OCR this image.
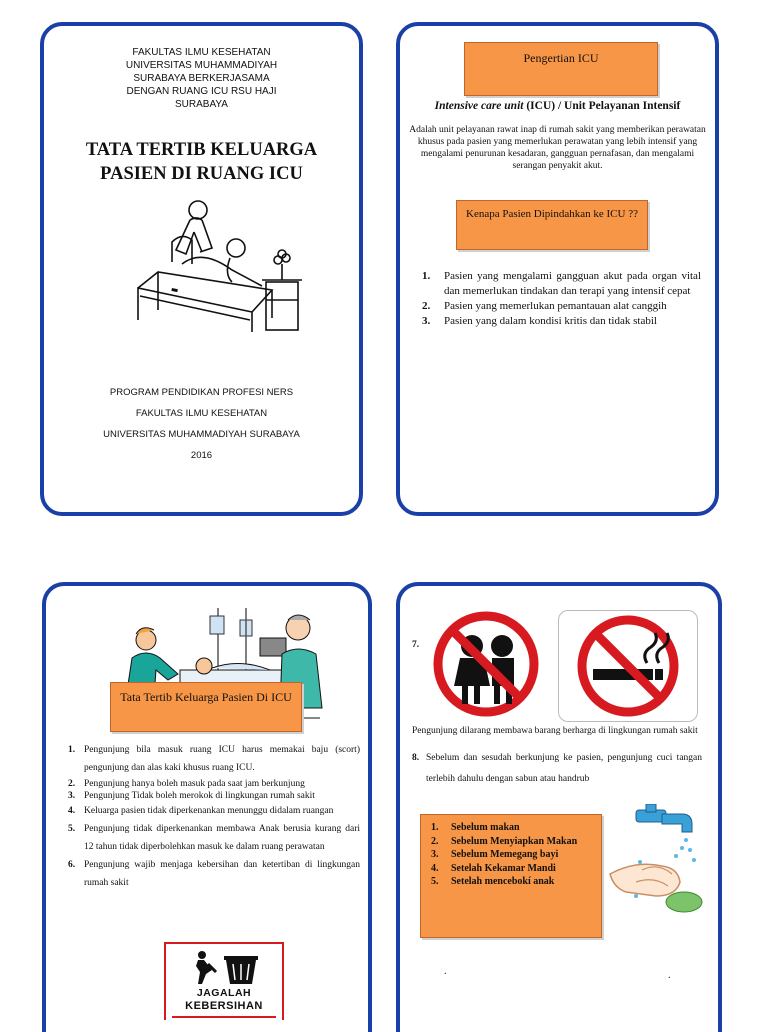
FAKULTAS ILMU KESEHATAN
UNIVERSITAS MUHAMMADIYAH
SURABAYA BERKERJASAMA
DENGAN RUANG ICU RSU HAJI
SURABAYA
TATA TERTIB KELUARGA
PASIEN DI RUANG ICU
PROGRAM PENDIDIKAN PROFESI NERS
FAKULTAS ILMU KESEHATAN
UNIVERSITAS MUHAMMADIYAH SURABAYA
2016
Pengertian ICU
Intensive care unit (ICU) / Unit Pelayanan Intensif
Adalah unit pelayanan rawat inap di rumah sakit yang memberikan perawatan khusus pada pasien yang memerlukan perawatan yang lebih intensif yang mengalami penurunan kesadaran, gangguan pernafasan, dan mengalami serangan penyakit akut.
Kenapa Pasien Dipindahkan ke ICU ??
1. Pasien yang mengalami gangguan akut pada organ vital dan memerlukan tindakan dan terapi yang intensif cepat
2. Pasien yang memerlukan pemantauan alat canggih
3. Pasien yang dalam kondisi kritis dan tidak stabil
Tata Tertib Keluarga Pasien Di ICU
1. Pengunjung bila masuk ruang ICU harus memakai baju (scort) pengunjung dan alas kaki khusus ruang ICU.
2. Pengunjung hanya boleh masuk pada saat jam berkunjung
3. Pengunjung Tidak boleh merokok di lingkungan rumah sakit
4. Keluarga pasien tidak diperkenankan menunggu didalam ruangan
5. Pengunjung tidak diperkenankan membawa Anak berusia kurang dari 12 tahun tidak diperbolehkan masuk ke dalam ruang perawatan
6. Pengunjung wajib menjaga kebersihan dan ketertiban di lingkungan rumah sakit
JAGALAH
KEBERSIHAN
7.
Pengunjung dilarang membawa barang berharga di lingkungan rumah sakit
8. Sebelum dan sesudah berkunjung ke pasien, pengunjung cuci tangan terlebih dahulu dengan sabun atau handrub
1. Sebelum makan
2. Sebelum Menyiapkan Makan
3. Sebelum Memegang bayi
4. Setelah Kekamar Mandi
5. Setelah mencebokí anak
.	.
